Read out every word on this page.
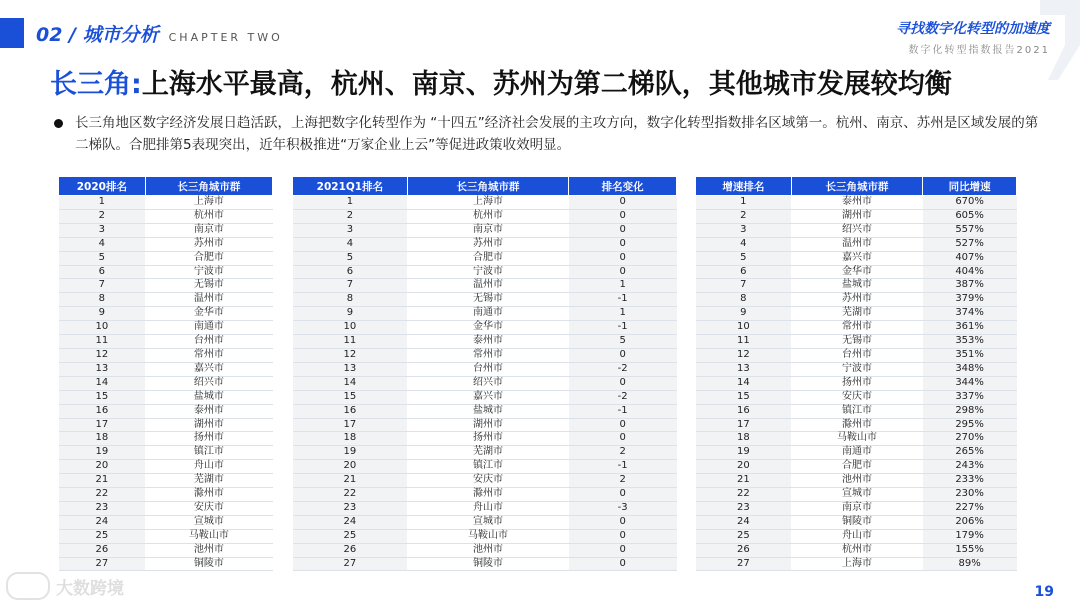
02 / 城市分析 CHAPTER TWO
寻找数字化转型的加速度
数字化转型指数报告2021
长三角:上海水平最高，杭州、南京、苏州为第二梯队，其他城市发展较均衡
长三角地区数字经济发展日趋活跃，上海把数字化转型作为 “十四五”经济社会发展的主攻方向，数字化转型指数排名区域第一。杭州、南京、苏州是区域发展的第二梯队。合肥排第5表现突出，近年积极推进“万家企业上云”等促进政策收效明显。
2020排名	长三角城市群
1	上海市
2	杭州市
3	南京市
4	苏州市
5	合肥市
6	宁波市
7	无锡市
8	温州市
9	金华市
10	南通市
11	台州市
12	常州市
13	嘉兴市
14	绍兴市
15	盐城市
16	泰州市
17	湖州市
18	扬州市
19	镇江市
20	舟山市
21	芜湖市
22	滁州市
23	安庆市
24	宣城市
25	马鞍山市
26	池州市
27	铜陵市
2021Q1排名	长三角城市群	排名变化
1	上海市	0
2	杭州市	0
3	南京市	0
4	苏州市	0
5	合肥市	0
6	宁波市	0
7	温州市	1
8	无锡市	-1
9	南通市	1
10	金华市	-1
11	泰州市	5
12	常州市	0
13	台州市	-2
14	绍兴市	0
15	嘉兴市	-2
16	盐城市	-1
17	湖州市	0
18	扬州市	0
19	芜湖市	2
20	镇江市	-1
21	安庆市	2
22	滁州市	0
23	舟山市	-3
24	宣城市	0
25	马鞍山市	0
26	池州市	0
27	铜陵市	0
增速排名	长三角城市群	同比增速
1	泰州市	670%
2	湖州市	605%
3	绍兴市	557%
4	温州市	527%
5	嘉兴市	407%
6	金华市	404%
7	盐城市	387%
8	苏州市	379%
9	芜湖市	374%
10	常州市	361%
11	无锡市	353%
12	台州市	351%
13	宁波市	348%
14	扬州市	344%
15	安庆市	337%
16	镇江市	298%
17	滁州市	295%
18	马鞍山市	270%
19	南通市	265%
20	合肥市	243%
21	池州市	233%
22	宣城市	230%
23	南京市	227%
24	铜陵市	206%
25	舟山市	179%
26	杭州市	155%
27	上海市	89%
大数跨境	19
